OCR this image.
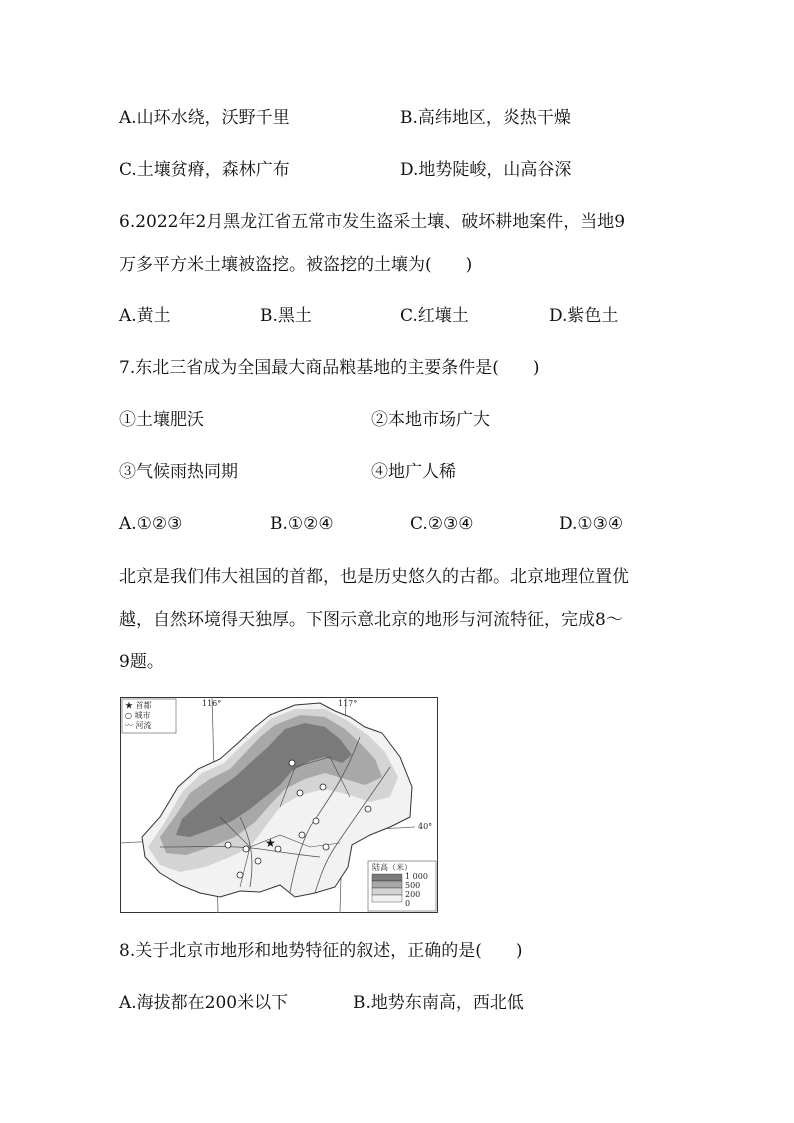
A.山环水绕，沃野千里	B.高纬地区，炎热干燥
C.土壤贫瘠，森林广布	D.地势陡峻，山高谷深
6.2022年2月黑龙江省五常市发生盗采土壤、破坏耕地案件，当地9
万多平方米土壤被盗挖。被盗挖的土壤为(　　)
A.黄土	B.黑土	C.红壤土	D.紫色土
7.东北三省成为全国最大商品粮基地的主要条件是(　　)
①土壤肥沃	②本地市场广大
③气候雨热同期	④地广人稀
A.①②③	B.①②④	C.②③④	D.①③④
北京是我们伟大祖国的首都，也是历史悠久的古都。北京地理位置优
越，自然环境得天独厚。下图示意北京的地形与河流特征，完成8～
9题。
★
★ 首都
○ 城市
〰 河流
116°	117°
40°
陆高（米）
1 000
500
200
0
8.关于北京市地形和地势特征的叙述，正确的是(　　)
A.海拔都在200米以下	B.地势东南高，西北低
